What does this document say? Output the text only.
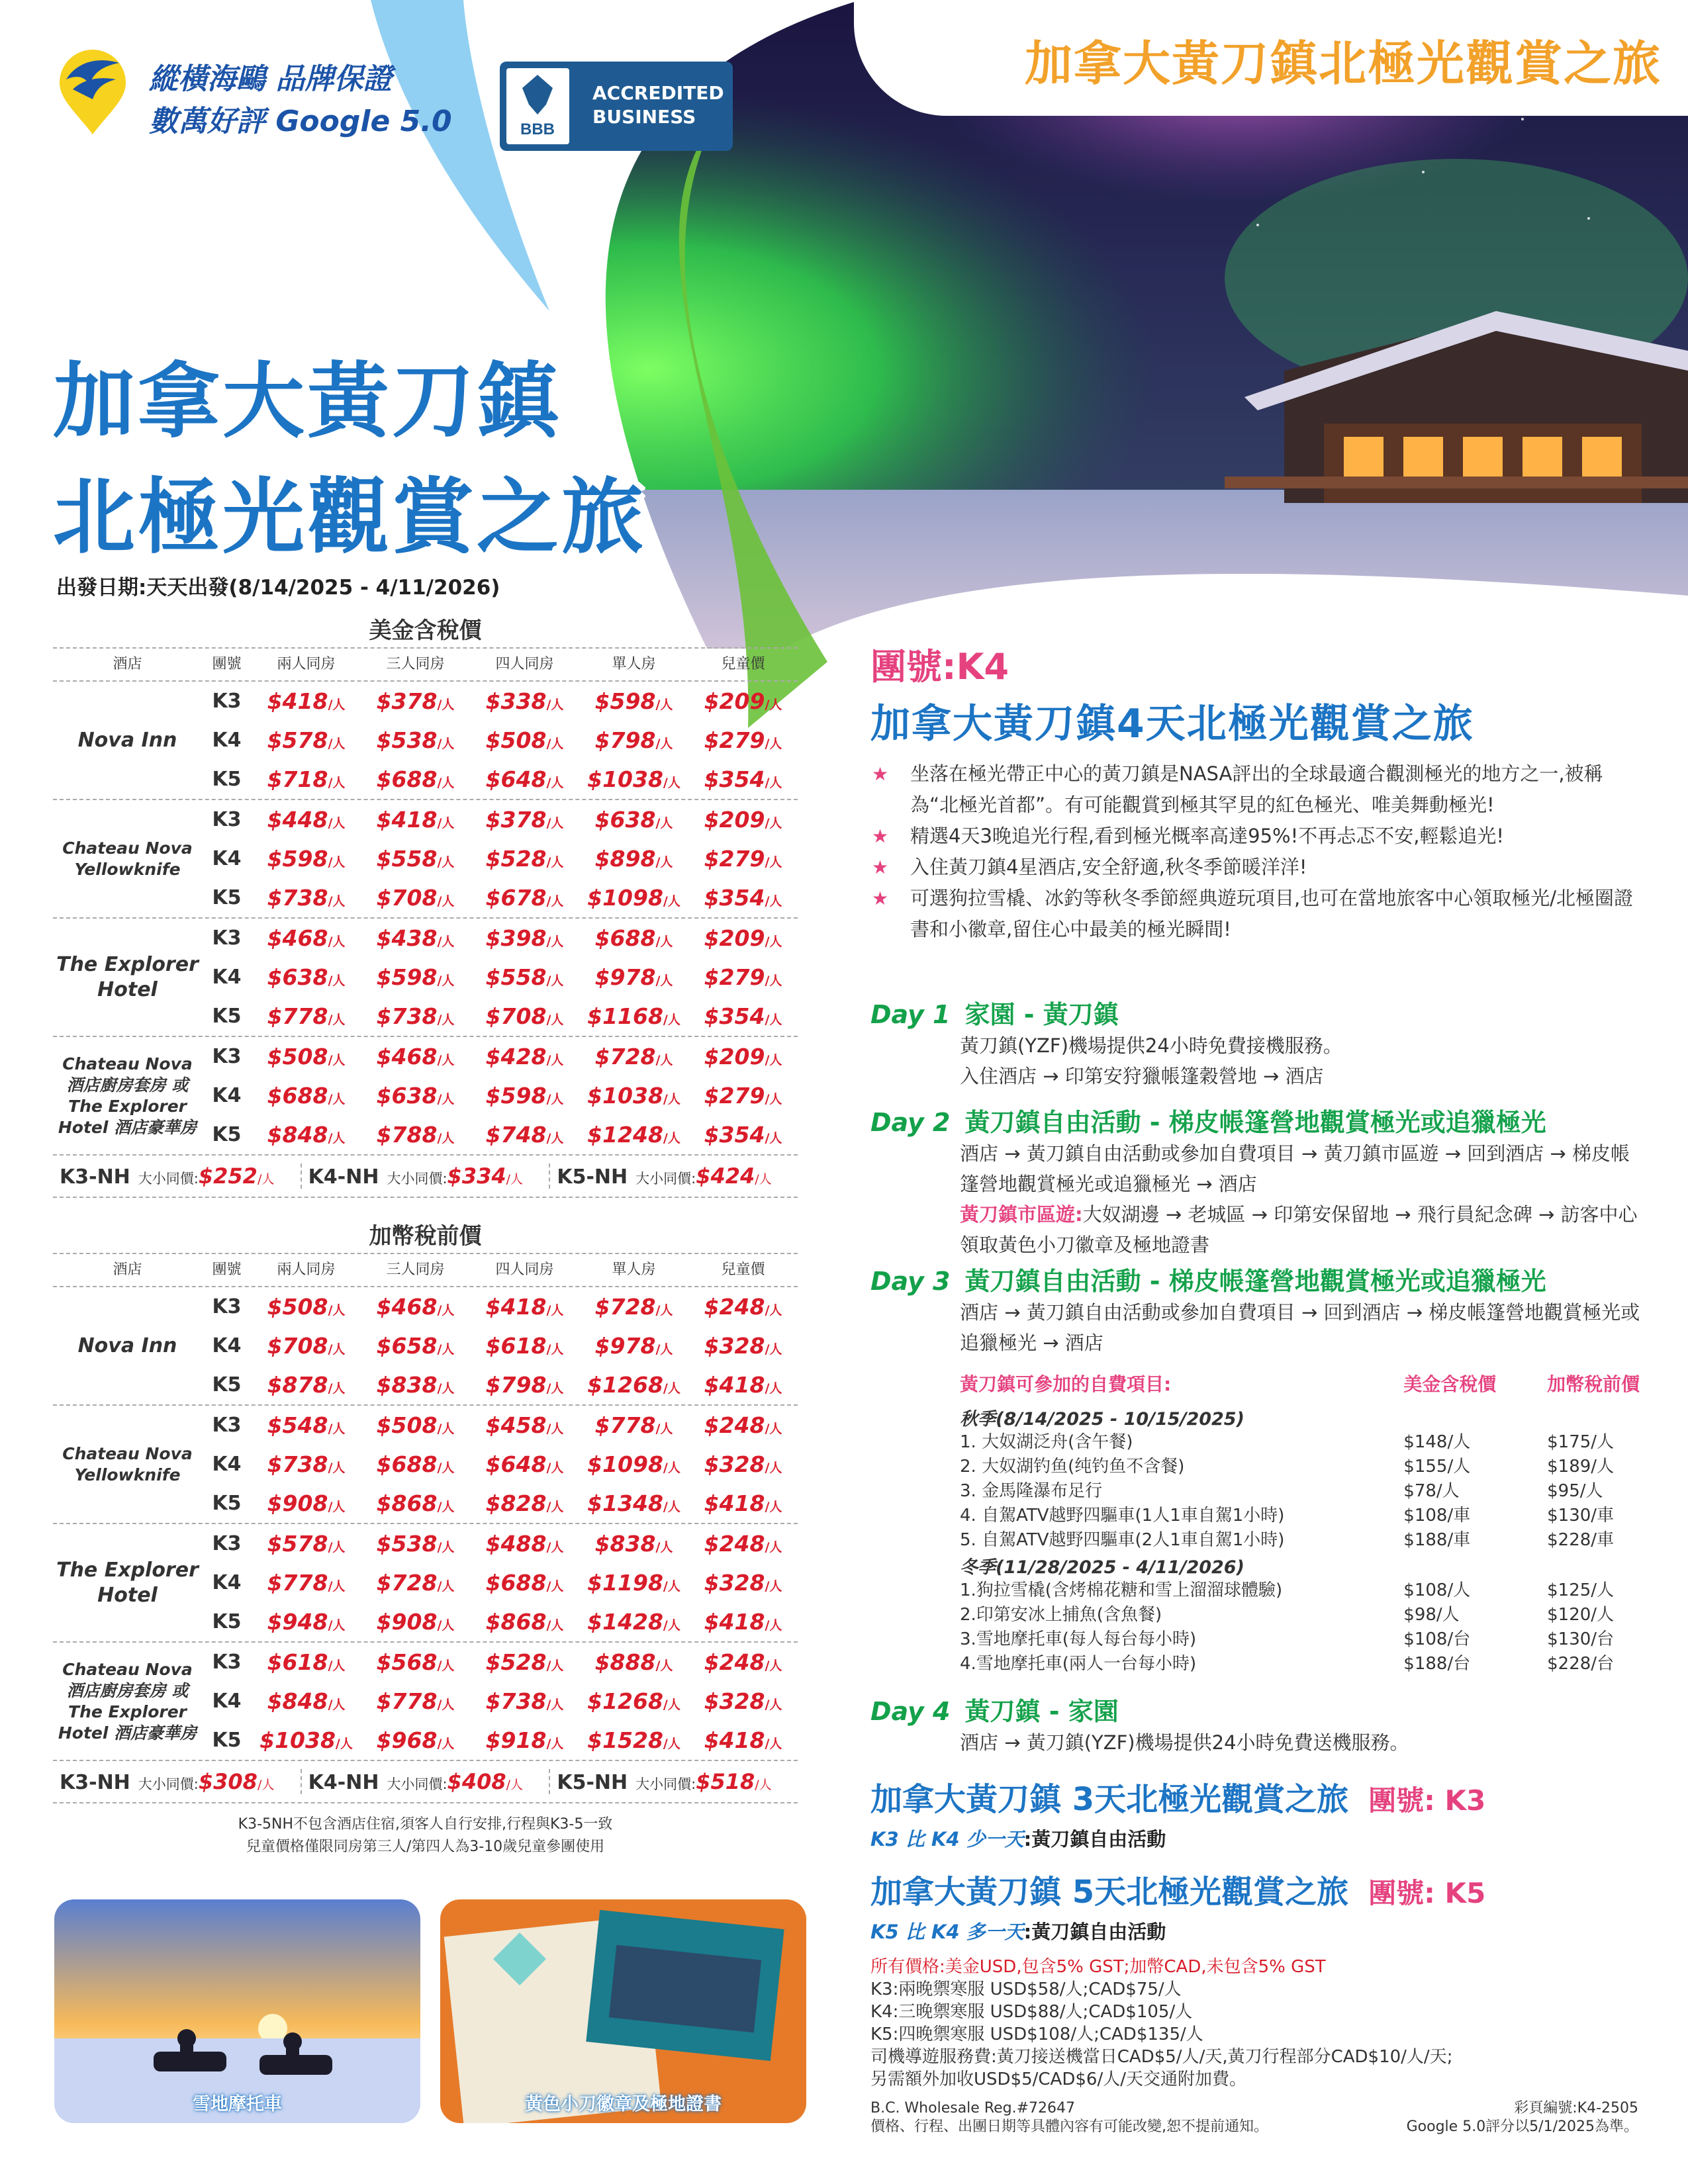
加拿大黃刀鎮北極光觀賞之旅
縱橫海鷗 品牌保證
數萬好評 Google 5.0	BBB
ACCREDITED
BUSINESS
加拿大黃刀鎮
北極光觀賞之旅
出發日期:天天出發(8/14/2025 - 4/11/2026)
美金含稅價
酒店	團號	兩人同房	三人同房	四人同房	單人房	兒童價
Nova Inn
K3	$418/人	$378/人	$338/人	$598/人	$209/人
K4	$578/人	$538/人	$508/人	$798/人	$279/人
K5	$718/人	$688/人	$648/人	$1038/人	$354/人
Chateau Nova Yellowknife
K3	$448/人	$418/人	$378/人	$638/人	$209/人
K4	$598/人	$558/人	$528/人	$898/人	$279/人
K5	$738/人	$708/人	$678/人	$1098/人	$354/人
The Explorer Hotel
K3	$468/人	$438/人	$398/人	$688/人	$209/人
K4	$638/人	$598/人	$558/人	$978/人	$279/人
K5	$778/人	$738/人	$708/人	$1168/人	$354/人
Chateau Nova 酒店廚房套房 或 The Explorer Hotel 酒店豪華房
K3	$508/人	$468/人	$428/人	$728/人	$209/人
K4	$688/人	$638/人	$598/人	$1038/人	$279/人
K5	$848/人	$788/人	$748/人	$1248/人	$354/人
K3-NH 大小同價:$252/人	K4-NH 大小同價:$334/人	K5-NH 大小同價:$424/人
加幣稅前價
酒店	團號	兩人同房	三人同房	四人同房	單人房	兒童價
Nova Inn
K3	$508/人	$468/人	$418/人	$728/人	$248/人
K4	$708/人	$658/人	$618/人	$978/人	$328/人
K5	$878/人	$838/人	$798/人	$1268/人	$418/人
Chateau Nova Yellowknife
K3	$548/人	$508/人	$458/人	$778/人	$248/人
K4	$738/人	$688/人	$648/人	$1098/人	$328/人
K5	$908/人	$868/人	$828/人	$1348/人	$418/人
The Explorer Hotel
K3	$578/人	$538/人	$488/人	$838/人	$248/人
K4	$778/人	$728/人	$688/人	$1198/人	$328/人
K5	$948/人	$908/人	$868/人	$1428/人	$418/人
Chateau Nova 酒店廚房套房 或 The Explorer Hotel 酒店豪華房
K3	$618/人	$568/人	$528/人	$888/人	$248/人
K4	$848/人	$778/人	$738/人	$1268/人	$328/人
K5 $1038/人	$968/人	$918/人	$1528/人	$418/人
K3-NH 大小同價:$308/人	K4-NH 大小同價:$408/人	K5-NH 大小同價:$518/人
K3-5NH不包含酒店住宿,須客人自行安排,行程與K3-5一致
兒童價格僅限同房第三人/第四人為3-10歲兒童參團使用
雪地摩托車	黃色小刀徽章及極地證書
團號:K4
加拿大黃刀鎮4天北極光觀賞之旅
★ 坐落在極光帶正中心的黃刀鎮是NASA評出的全球最適合觀測極光的地方之一,被稱為“北極光首都”。有可能觀賞到極其罕見的紅色極光、唯美舞動極光!
★ 精選4天3晚追光行程,看到極光概率高達95%!不再忐忑不安,輕鬆追光!
★ 入住黃刀鎮4星酒店,安全舒適,秋冬季節暖洋洋!
★ 可選狗拉雪橇、冰釣等秋冬季節經典遊玩項目,也可在當地旅客中心領取極光/北極圈證書和小徽章,留住心中最美的極光瞬間!
Day 1 家園 - 黃刀鎮
黃刀鎮(YZF)機場提供24小時免費接機服務。
入住酒店 → 印第安狩獵帳篷穀營地 → 酒店
Day 2 黃刀鎮自由活動 - 梯皮帳篷營地觀賞極光或追獵極光
酒店 → 黃刀鎮自由活動或參加自費項目 → 黃刀鎮市區遊 → 回到酒店 → 梯皮帳篷營地觀賞極光或追獵極光 → 酒店
黃刀鎮市區遊:大奴湖邊 → 老城區 → 印第安保留地 → 飛行員紀念碑 → 訪客中心領取黃色小刀徽章及極地證書
Day 3 黃刀鎮自由活動 - 梯皮帳篷營地觀賞極光或追獵極光
酒店 → 黃刀鎮自由活動或參加自費項目 → 回到酒店 → 梯皮帳篷營地觀賞極光或追獵極光 → 酒店
黃刀鎮可參加的自費項目:	美金含稅價	加幣稅前價
秋季(8/14/2025 - 10/15/2025)
1. 大奴湖泛舟(含午餐)	$148/人	$175/人
2. 大奴湖钓鱼(纯钓鱼不含餐)	$155/人	$189/人
3. 金馬隆瀑布足行	$78/人	$95/人
4. 自駕ATV越野四驅車(1人1車自駕1小時)	$108/車	$130/車
5. 自駕ATV越野四驅車(2人1車自駕1小時)	$188/車	$228/車
冬季(11/28/2025 - 4/11/2026)
1.狗拉雪橇(含烤棉花糖和雪上溜溜球體驗)	$108/人	$125/人
2.印第安冰上捕魚(含魚餐)	$98/人	$120/人
3.雪地摩托車(每人每台每小時)	$108/台	$130/台
4.雪地摩托車(兩人一台每小時)	$188/台	$228/台
Day 4 黃刀鎮 - 家園
酒店 → 黃刀鎮(YZF)機場提供24小時免費送機服務。
加拿大黃刀鎮 3天北極光觀賞之旅 團號: K3
K3 比 K4 少一天:黃刀鎮自由活動
加拿大黃刀鎮 5天北極光觀賞之旅 團號: K5
K5 比 K4 多一天:黃刀鎮自由活動
所有價格:美金USD,包含5% GST;加幣CAD,未包含5% GST
K3:兩晚禦寒服 USD$58/人;CAD$75/人
K4:三晚禦寒服 USD$88/人;CAD$105/人
K5:四晚禦寒服 USD$108/人;CAD$135/人
司機導遊服務費:黃刀接送機當日CAD$5/人/天,黃刀行程部分CAD$10/人/天;
另需額外加收USD$5/CAD$6/人/天交通附加費。
B.C. Wholesale Reg.#72647
價格、行程、出團日期等具體內容有可能改變,恕不提前通知。
彩頁編號:K4-2505
Google 5.0評分以5/1/2025為準。
